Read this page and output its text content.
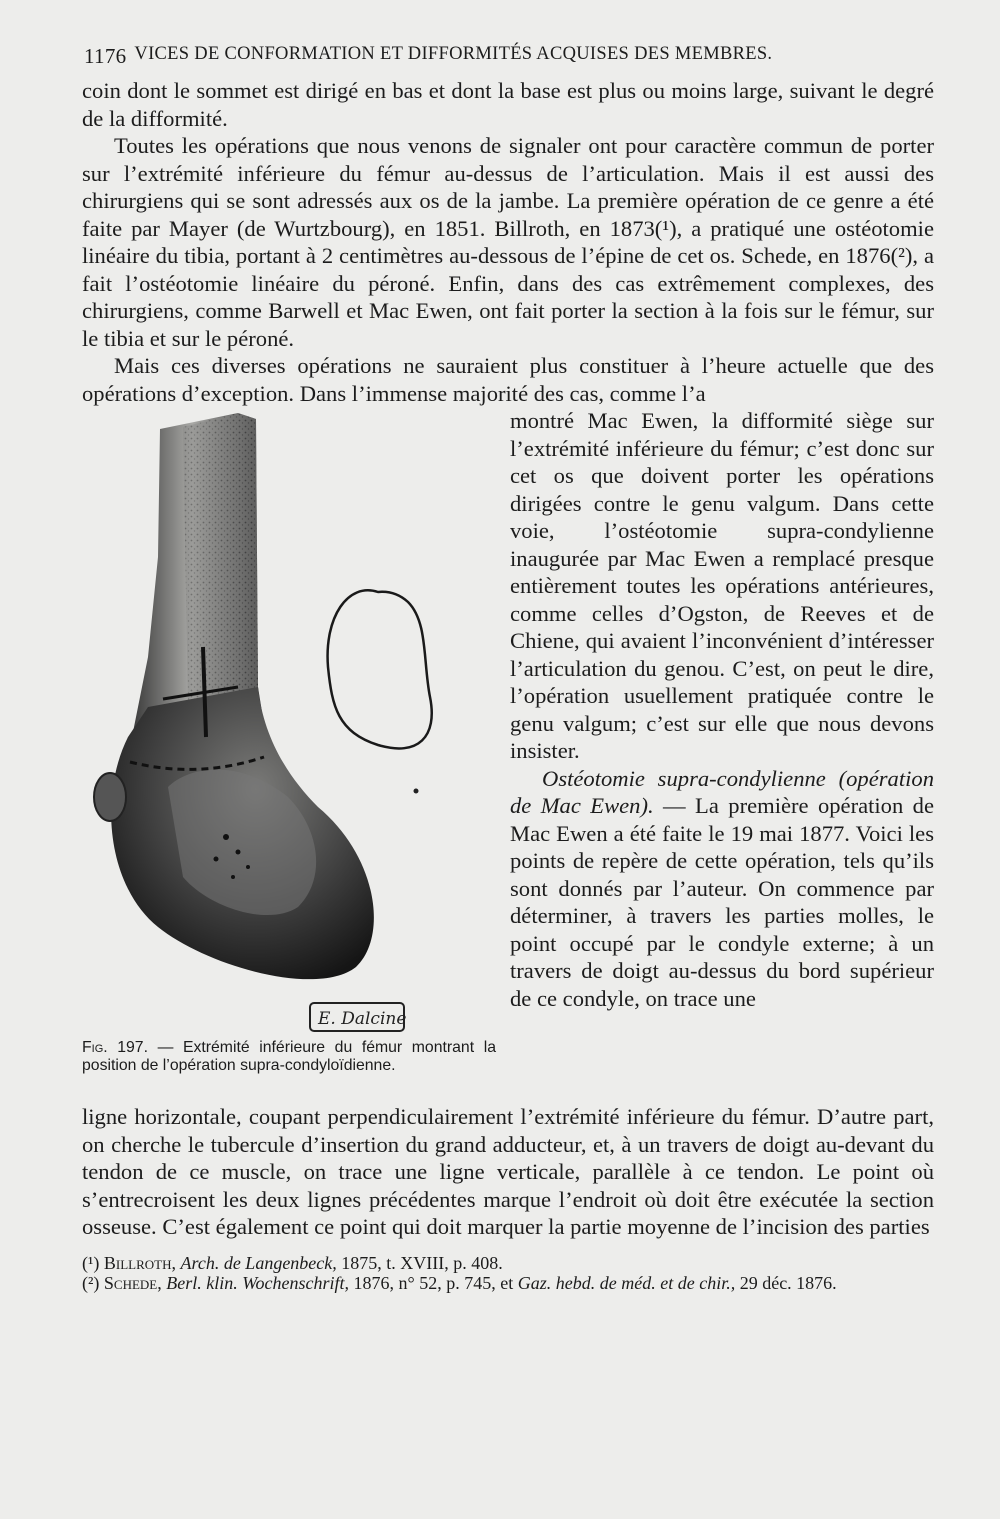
1176 VICES DE CONFORMATION ET DIFFORMITÉS ACQUISES DES MEMBRES.

coin dont le sommet est dirigé en bas et dont la base est plus ou moins large, suivant le degré de la difformité.

Toutes les opérations que nous venons de signaler ont pour caractère commun de porter sur l’extrémité inférieure du fémur au-dessus de l’articulation. Mais il est aussi des chirurgiens qui se sont adressés aux os de la jambe. La première opération de ce genre a été faite par Mayer (de Wurtzbourg), en 1851. Billroth, en 1873(¹), a pratiqué une ostéotomie linéaire du tibia, portant à 2 centimètres au-dessous de l’épine de cet os. Schede, en 1876(²), a fait l’ostéotomie linéaire du péroné. Enfin, dans des cas extrêmement complexes, des chirurgiens, comme Barwell et Mac Ewen, ont fait porter la section à la fois sur le fémur, sur le tibia et sur le péroné.

Mais ces diverses opérations ne sauraient plus constituer à l’heure actuelle que des opérations d’exception. Dans l’immense majorité des cas, comme l’a

E. Dalcine
Fig. 197. — Extrémité inférieure du fémur montrant la position de l’opération supra-condyloïdienne.

montré Mac Ewen, la difformité siège sur l’extrémité inférieure du fémur; c’est donc sur cet os que doivent porter les opérations dirigées contre le genu valgum. Dans cette voie, l’ostéotomie supra-condylienne inaugurée par Mac Ewen a remplacé presque entièrement toutes les opérations antérieures, comme celles d’Ogston, de Reeves et de Chiene, qui avaient l’inconvénient d’intéresser l’articulation du genou. C’est, on peut le dire, l’opération usuellement pratiquée contre le genu valgum; c’est sur elle que nous devons insister.

Ostéotomie supra-condylienne (opération de Mac Ewen). — La première opération de Mac Ewen a été faite le 19 mai 1877. Voici les points de repère de cette opération, tels qu’ils sont donnés par l’auteur. On commence par déterminer, à travers les parties molles, le point occupé par le condyle externe; à un travers de doigt au-dessus du bord supérieur de ce condyle, on trace une

ligne horizontale, coupant perpendiculairement l’extrémité inférieure du fémur. D’autre part, on cherche le tubercule d’insertion du grand adducteur, et, à un travers de doigt au-devant du tendon de ce muscle, on trace une ligne verticale, parallèle à ce tendon. Le point où s’entrecroisent les deux lignes précédentes marque l’endroit où doit être exécutée la section osseuse. C’est également ce point qui doit marquer la partie moyenne de l’incision des parties

(¹) Billroth, Arch. de Langenbeck, 1875, t. XVIII, p. 408.

(²) Schede, Berl. klin. Wochenschrift, 1876, n° 52, p. 745, et Gaz. hebd. de méd. et de chir., 29 déc. 1876.
